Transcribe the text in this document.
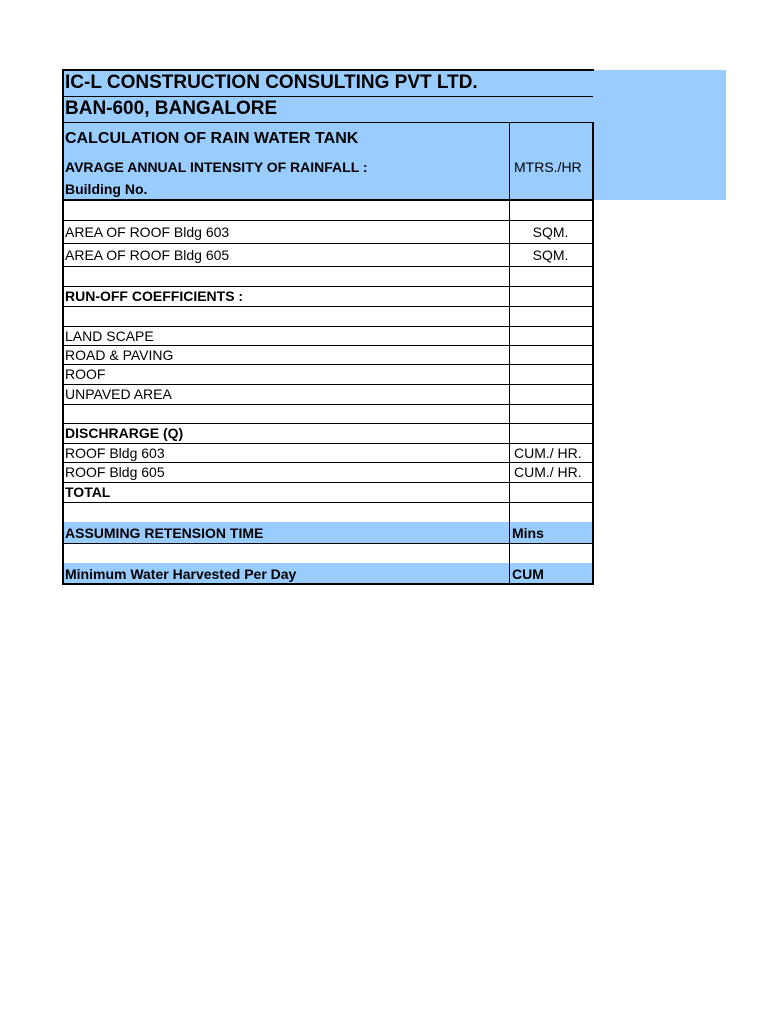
IC-L CONSTRUCTION CONSULTING PVT LTD.
BAN-600, BANGALORE
CALCULATION OF RAIN WATER TANK
AVRAGE ANNUAL INTENSITY OF RAINFALL :	MTRS./HR
Building No.
AREA OF ROOF Bldg 603	SQM.
AREA OF ROOF Bldg 605	SQM.
RUN-OFF COEFFICIENTS :
LAND SCAPE
ROAD & PAVING
ROOF
UNPAVED AREA
DISCHRARGE (Q)
ROOF Bldg 603	CUM./ HR.
ROOF Bldg 605	CUM./ HR.
TOTAL
ASSUMING RETENSION TIME	Mins
Minimum Water Harvested Per Day	CUM
